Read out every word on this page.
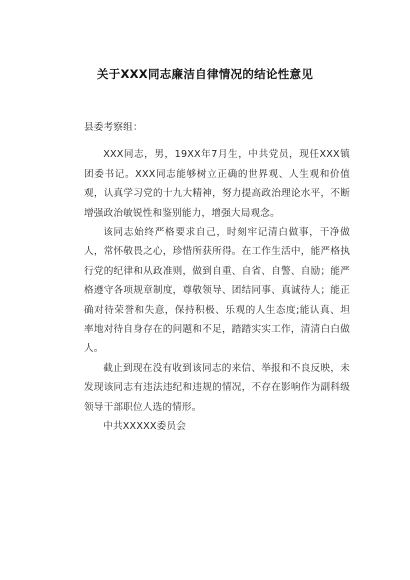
关于XXX同志廉洁自律情况的结论性意见

县委考察组：

XXX同志，男，19XX年7月生，中共党员，现任XXX镇团委书记。XXX同志能够树立正确的世界观、人生观和价值观，认真学习党的十九大精神，努力提高政治理论水平，不断增强政治敏锐性和鉴别能力，增强大局观念。

该同志始终严格要求自己，时刻牢记清白做事，干净做人，常怀敬畏之心，珍惜所获所得。在工作生活中，能严格执行党的纪律和从政准则，做到自重、自省、自警、自励；能严格遵守各项规章制度，尊敬领导、团结同事、真诚待人；能正确对待荣誉和失意，保持积极、乐观的人生态度;能认真、坦率地对待自身存在的问题和不足，踏踏实实工作，清清白白做人。

截止到现在没有收到该同志的来信、举报和不良反映，未发现该同志有违法违纪和违规的情况，不存在影响作为副科级领导干部职位人选的情形。

中共XXXXX委员会
